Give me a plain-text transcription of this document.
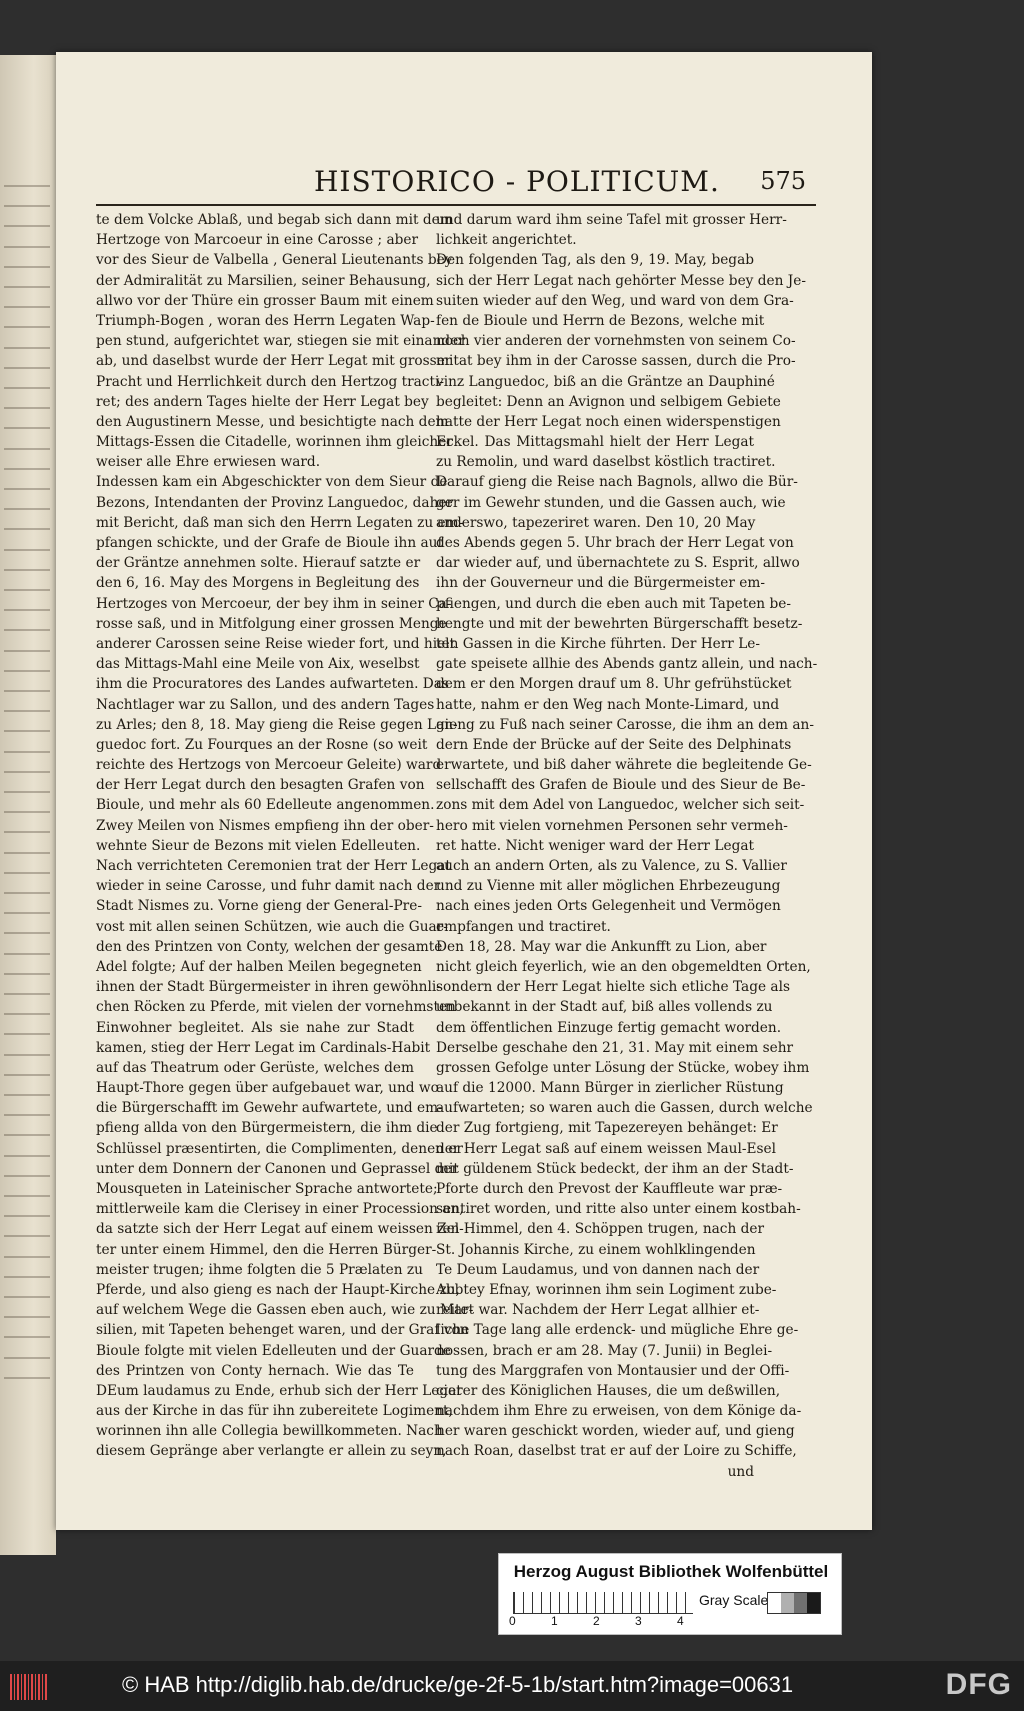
HISTORICO - POLITICUM. 575
te dem Volcke Ablaß, und begab sich dann mit dem
Hertzoge von Marcoeur in eine Carosse ; aber
vor des Sieur de Valbella , General Lieutenants bey
der Admiralität zu Marsilien, seiner Behausung,
allwo vor der Thüre ein grosser Baum mit einem
Triumph-Bogen , woran des Herrn Legaten Wap-
pen stund, aufgerichtet war, stiegen sie mit einander
ab, und daselbst wurde der Herr Legat mit grosser
Pracht und Herrlichkeit durch den Hertzog tracti-
ret; des andern Tages hielte der Herr Legat bey
den Augustinern Messe, und besichtigte nach dem
Mittags-Essen die Citadelle, worinnen ihm gleicher
weiser alle Ehre erwiesen ward.
Indessen kam ein Abgeschickter von dem Sieur de
Bezons, Intendanten der Provinz Languedoc, daher
mit Bericht, daß man sich den Herrn Legaten zu em-
pfangen schickte, und der Grafe de Bioule ihn auf
der Gräntze annehmen solte. Hierauf satzte er
den 6, 16. May des Morgens in Begleitung des
Hertzoges von Mercoeur, der bey ihm in seiner Ca-
rosse saß, und in Mitfolgung einer grossen Menge
anderer Carossen seine Reise wieder fort, und hielt
das Mittags-Mahl eine Meile von Aix, weselbst
ihm die Procuratores des Landes aufwarteten. Das
Nachtlager war zu Sallon, und des andern Tages
zu Arles; den 8, 18. May gieng die Reise gegen Lan-
guedoc fort. Zu Fourques an der Rosne (so weit
reichte des Hertzogs von Mercoeur Geleite) ward
der Herr Legat durch den besagten Grafen von
Bioule, und mehr als 60 Edelleute angenommen.
Zwey Meilen von Nismes empfieng ihn der ober-
wehnte Sieur de Bezons mit vielen Edelleuten.
Nach verrichteten Ceremonien trat der Herr Legat
wieder in seine Carosse, und fuhr damit nach der
Stadt Nismes zu. Vorne gieng der General-Pre-
vost mit allen seinen Schützen, wie auch die Guar-
den des Printzen von Conty, welchen der gesamte
Adel folgte; Auf der halben Meilen begegneten
ihnen der Stadt Bürgermeister in ihren gewöhnli-
chen Röcken zu Pferde, mit vielen der vornehmsten
Einwohner begleitet. Als sie nahe zur Stadt
kamen, stieg der Herr Legat im Cardinals-Habit
auf das Theatrum oder Gerüste, welches dem
Haupt-Thore gegen über aufgebauet war, und wo
die Bürgerschafft im Gewehr aufwartete, und em-
pfieng allda von den Bürgermeistern, die ihm die
Schlüssel præsentirten, die Complimenten, denen er
unter dem Donnern der Canonen und Geprassel der
Mousqueten in Lateinischer Sprache antwortete;
mittlerweile kam die Clerisey in einer Procession an,
da satzte sich der Herr Legat auf einem weissen Zel-
ter unter einem Himmel, den die Herren Bürger-
meister trugen; ihme folgten die 5 Prælaten zu
Pferde, und also gieng es nach der Haupt-Kirche zu,
auf welchem Wege die Gassen eben auch, wie zu Mar-
silien, mit Tapeten behenget waren, und der Graf von
Bioule folgte mit vielen Edelleuten und der Guarde
des Printzen von Conty hernach. Wie das Te
DEum laudamus zu Ende, erhub sich der Herr Legat
aus der Kirche in das für ihn zubereitete Logiment,
worinnen ihn alle Collegia bewillkommeten. Nach
diesem Gepränge aber verlangte er allein zu seyn,
und darum ward ihm seine Tafel mit grosser Herr-
lichkeit angerichtet.
Den folgenden Tag, als den 9, 19. May, begab
sich der Herr Legat nach gehörter Messe bey den Je-
suiten wieder auf den Weg, und ward von dem Gra-
fen de Bioule und Herrn de Bezons, welche mit
noch vier anderen der vornehmsten von seinem Co-
mitat bey ihm in der Carosse sassen, durch die Pro-
vinz Languedoc, biß an die Gräntze an Dauphiné
begleitet: Denn an Avignon und selbigem Gebiete
hatte der Herr Legat noch einen widerspenstigen
Eckel. Das Mittagsmahl hielt der Herr Legat
zu Remolin, und ward daselbst köstlich tractiret.
Darauf gieng die Reise nach Bagnols, allwo die Bür-
ger im Gewehr stunden, und die Gassen auch, wie
anderswo, tapezeriret waren. Den 10, 20 May
des Abends gegen 5. Uhr brach der Herr Legat von
dar wieder auf, und übernachtete zu S. Esprit, allwo
ihn der Gouverneur und die Bürgermeister em-
pfiengen, und durch die eben auch mit Tapeten be-
hengte und mit der bewehrten Bürgerschafft besetz-
ten Gassen in die Kirche führten. Der Herr Le-
gate speisete allhie des Abends gantz allein, und nach-
dem er den Morgen drauf um 8. Uhr gefrühstücket
hatte, nahm er den Weg nach Monte-Limard, und
gieng zu Fuß nach seiner Carosse, die ihm an dem an-
dern Ende der Brücke auf der Seite des Delphinats
erwartete, und biß daher währete die begleitende Ge-
sellschafft des Grafen de Bioule und des Sieur de Be-
zons mit dem Adel von Languedoc, welcher sich seit-
hero mit vielen vornehmen Personen sehr vermeh-
ret hatte. Nicht weniger ward der Herr Legat
auch an andern Orten, als zu Valence, zu S. Vallier
und zu Vienne mit aller möglichen Ehrbezeugung
nach eines jeden Orts Gelegenheit und Vermögen
empfangen und tractiret.
Den 18, 28. May war die Ankunfft zu Lion, aber
nicht gleich feyerlich, wie an den obgemeldten Orten,
sondern der Herr Legat hielte sich etliche Tage als
unbekannt in der Stadt auf, biß alles vollends zu
dem öffentlichen Einzuge fertig gemacht worden.
Derselbe geschahe den 21, 31. May mit einem sehr
grossen Gefolge unter Lösung der Stücke, wobey ihm
auf die 12000. Mann Bürger in zierlicher Rüstung
aufwarteten; so waren auch die Gassen, durch welche
der Zug fortgieng, mit Tapezereyen behänget: Er
der Herr Legat saß auf einem weissen Maul-Esel
mit güldenem Stück bedeckt, der ihm an der Stadt-
Pforte durch den Prevost der Kauffleute war præ-
sentiret worden, und ritte also unter einem kostbah-
ren Himmel, den 4. Schöppen trugen, nach der
St. Johannis Kirche, zu einem wohlklingenden
Te Deum Laudamus, und von dannen nach der
Abbtey Efnay, worinnen ihm sein Logiment zube-
reitet war. Nachdem der Herr Legat allhier et-
liche Tage lang alle erdenck- und mügliche Ehre ge-
nossen, brach er am 28. May (7. Junii) in Beglei-
tung des Marggrafen von Montausier und der Offi-
cierer des Königlichen Hauses, die um deßwillen,
nachdem ihm Ehre zu erweisen, von dem Könige da-
her waren geschickt worden, wieder auf, und gieng
nach Roan, daselbst trat er auf der Loire zu Schiffe,
und
Herzog August Bibliothek Wolfenbüttel
0	1	2	3	4
Gray Scale
© HAB http://diglib.hab.de/drucke/ge-2f-5-1b/start.htm?image=00631	DFG
